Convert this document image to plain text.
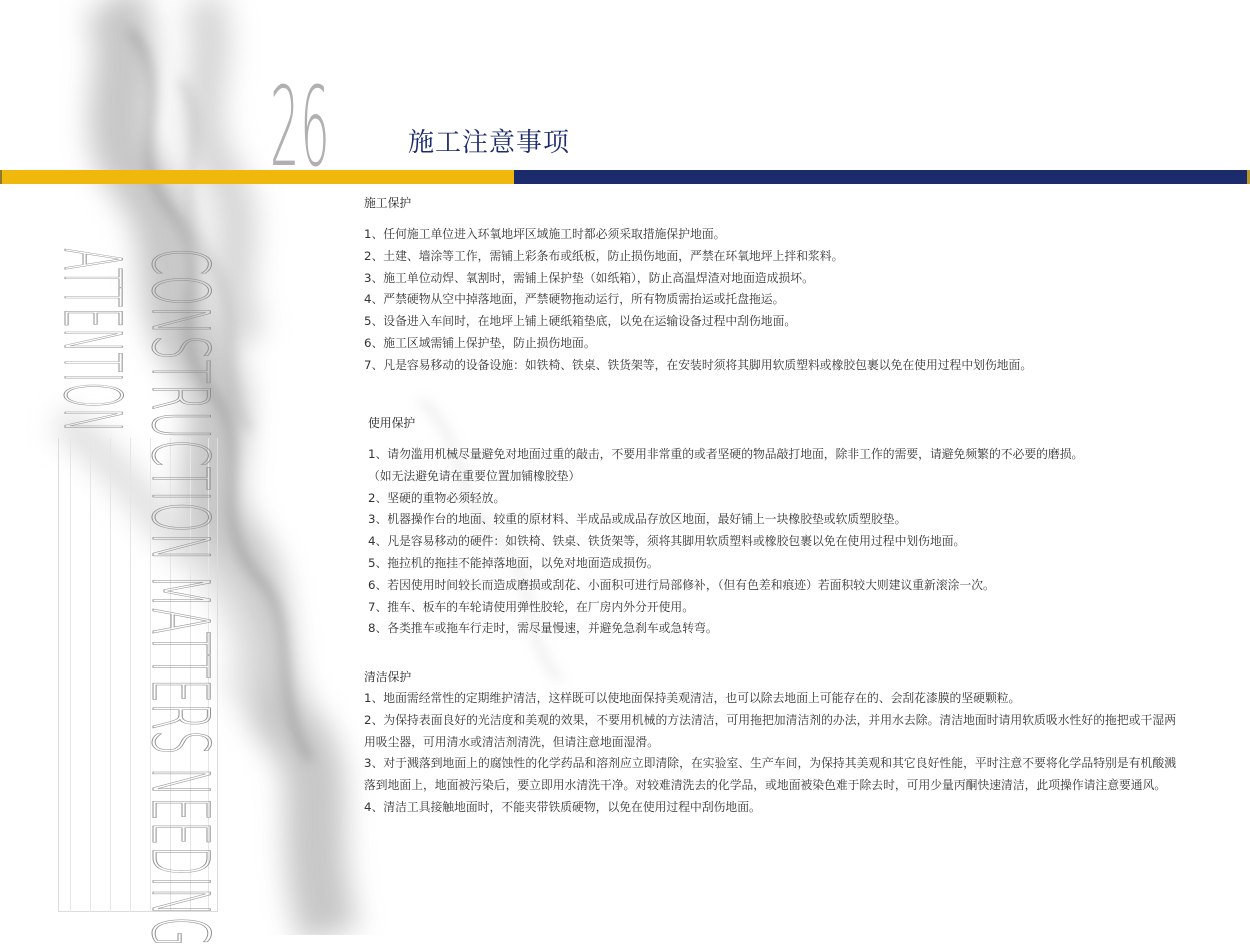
26	施工注意事项
CONSTRUCTION MATTERS NEEDING
ATTENTION
施工保护

1、任何施工单位进入环氧地坪区域施工时都必须采取措施保护地面。

2、土建、墙涂等工作，需铺上彩条布或纸板，防止损伤地面，严禁在环氧地坪上拌和浆料。

3、施工单位动焊、氧割时，需铺上保护垫（如纸箱），防止高温焊渣对地面造成损坏。

4、严禁硬物从空中掉落地面，严禁硬物拖动运行，所有物质需抬运或托盘拖运。

5、设备进入车间时，在地坪上铺上硬纸箱垫底，以免在运输设备过程中刮伤地面。

6、施工区域需铺上保护垫，防止损伤地面。

7、凡是容易移动的设备设施：如铁椅、铁桌、铁货架等，在安装时须将其脚用软质塑料或橡胶包裹以免在使用过程中划伤地面。

使用保护

1、请勿滥用机械尽量避免对地面过重的敲击，不要用非常重的或者坚硬的物品敲打地面，除非工作的需要，请避免频繁的不必要的磨损。

（如无法避免请在重要位置加铺橡胶垫）

2、坚硬的重物必须轻放。

3、机器操作台的地面、较重的原材料、半成品或成品存放区地面，最好铺上一块橡胶垫或软质塑胶垫。

4、凡是容易移动的硬件：如铁椅、铁桌、铁货架等，须将其脚用软质塑料或橡胶包裹以免在使用过程中划伤地面。

5、拖拉机的拖挂不能掉落地面，以免对地面造成损伤。

6、若因使用时间较长而造成磨损或刮花、小面积可进行局部修补，（但有色差和痕迹）若面积较大则建议重新滚涂一次。

7、推车、板车的车轮请使用弹性胶轮，在厂房内外分开使用。

8、各类推车或拖车行走时，需尽量慢速，并避免急刹车或急转弯。

清洁保护

1、地面需经常性的定期维护清洁，这样既可以使地面保持美观清洁，也可以除去地面上可能存在的、会刮花漆膜的坚硬颗粒。

2、为保持表面良好的光洁度和美观的效果，不要用机械的方法清洁，可用拖把加清洁剂的办法，并用水去除。清洁地面时请用软质吸水性好的拖把或干湿两用吸尘器，可用清水或清洁剂清洗，但请注意地面湿滑。

3、对于溅落到地面上的腐蚀性的化学药品和溶剂应立即清除，在实验室、生产车间，为保持其美观和其它良好性能，平时注意不要将化学品特别是有机酸溅落到地面上，地面被污染后，要立即用水清洗干净。对较难清洗去的化学品，或地面被染色难于除去时，可用少量丙酮快速清洁，此项操作请注意要通风。

4、清洁工具接触地面时，不能夹带铁质硬物，以免在使用过程中刮伤地面。
